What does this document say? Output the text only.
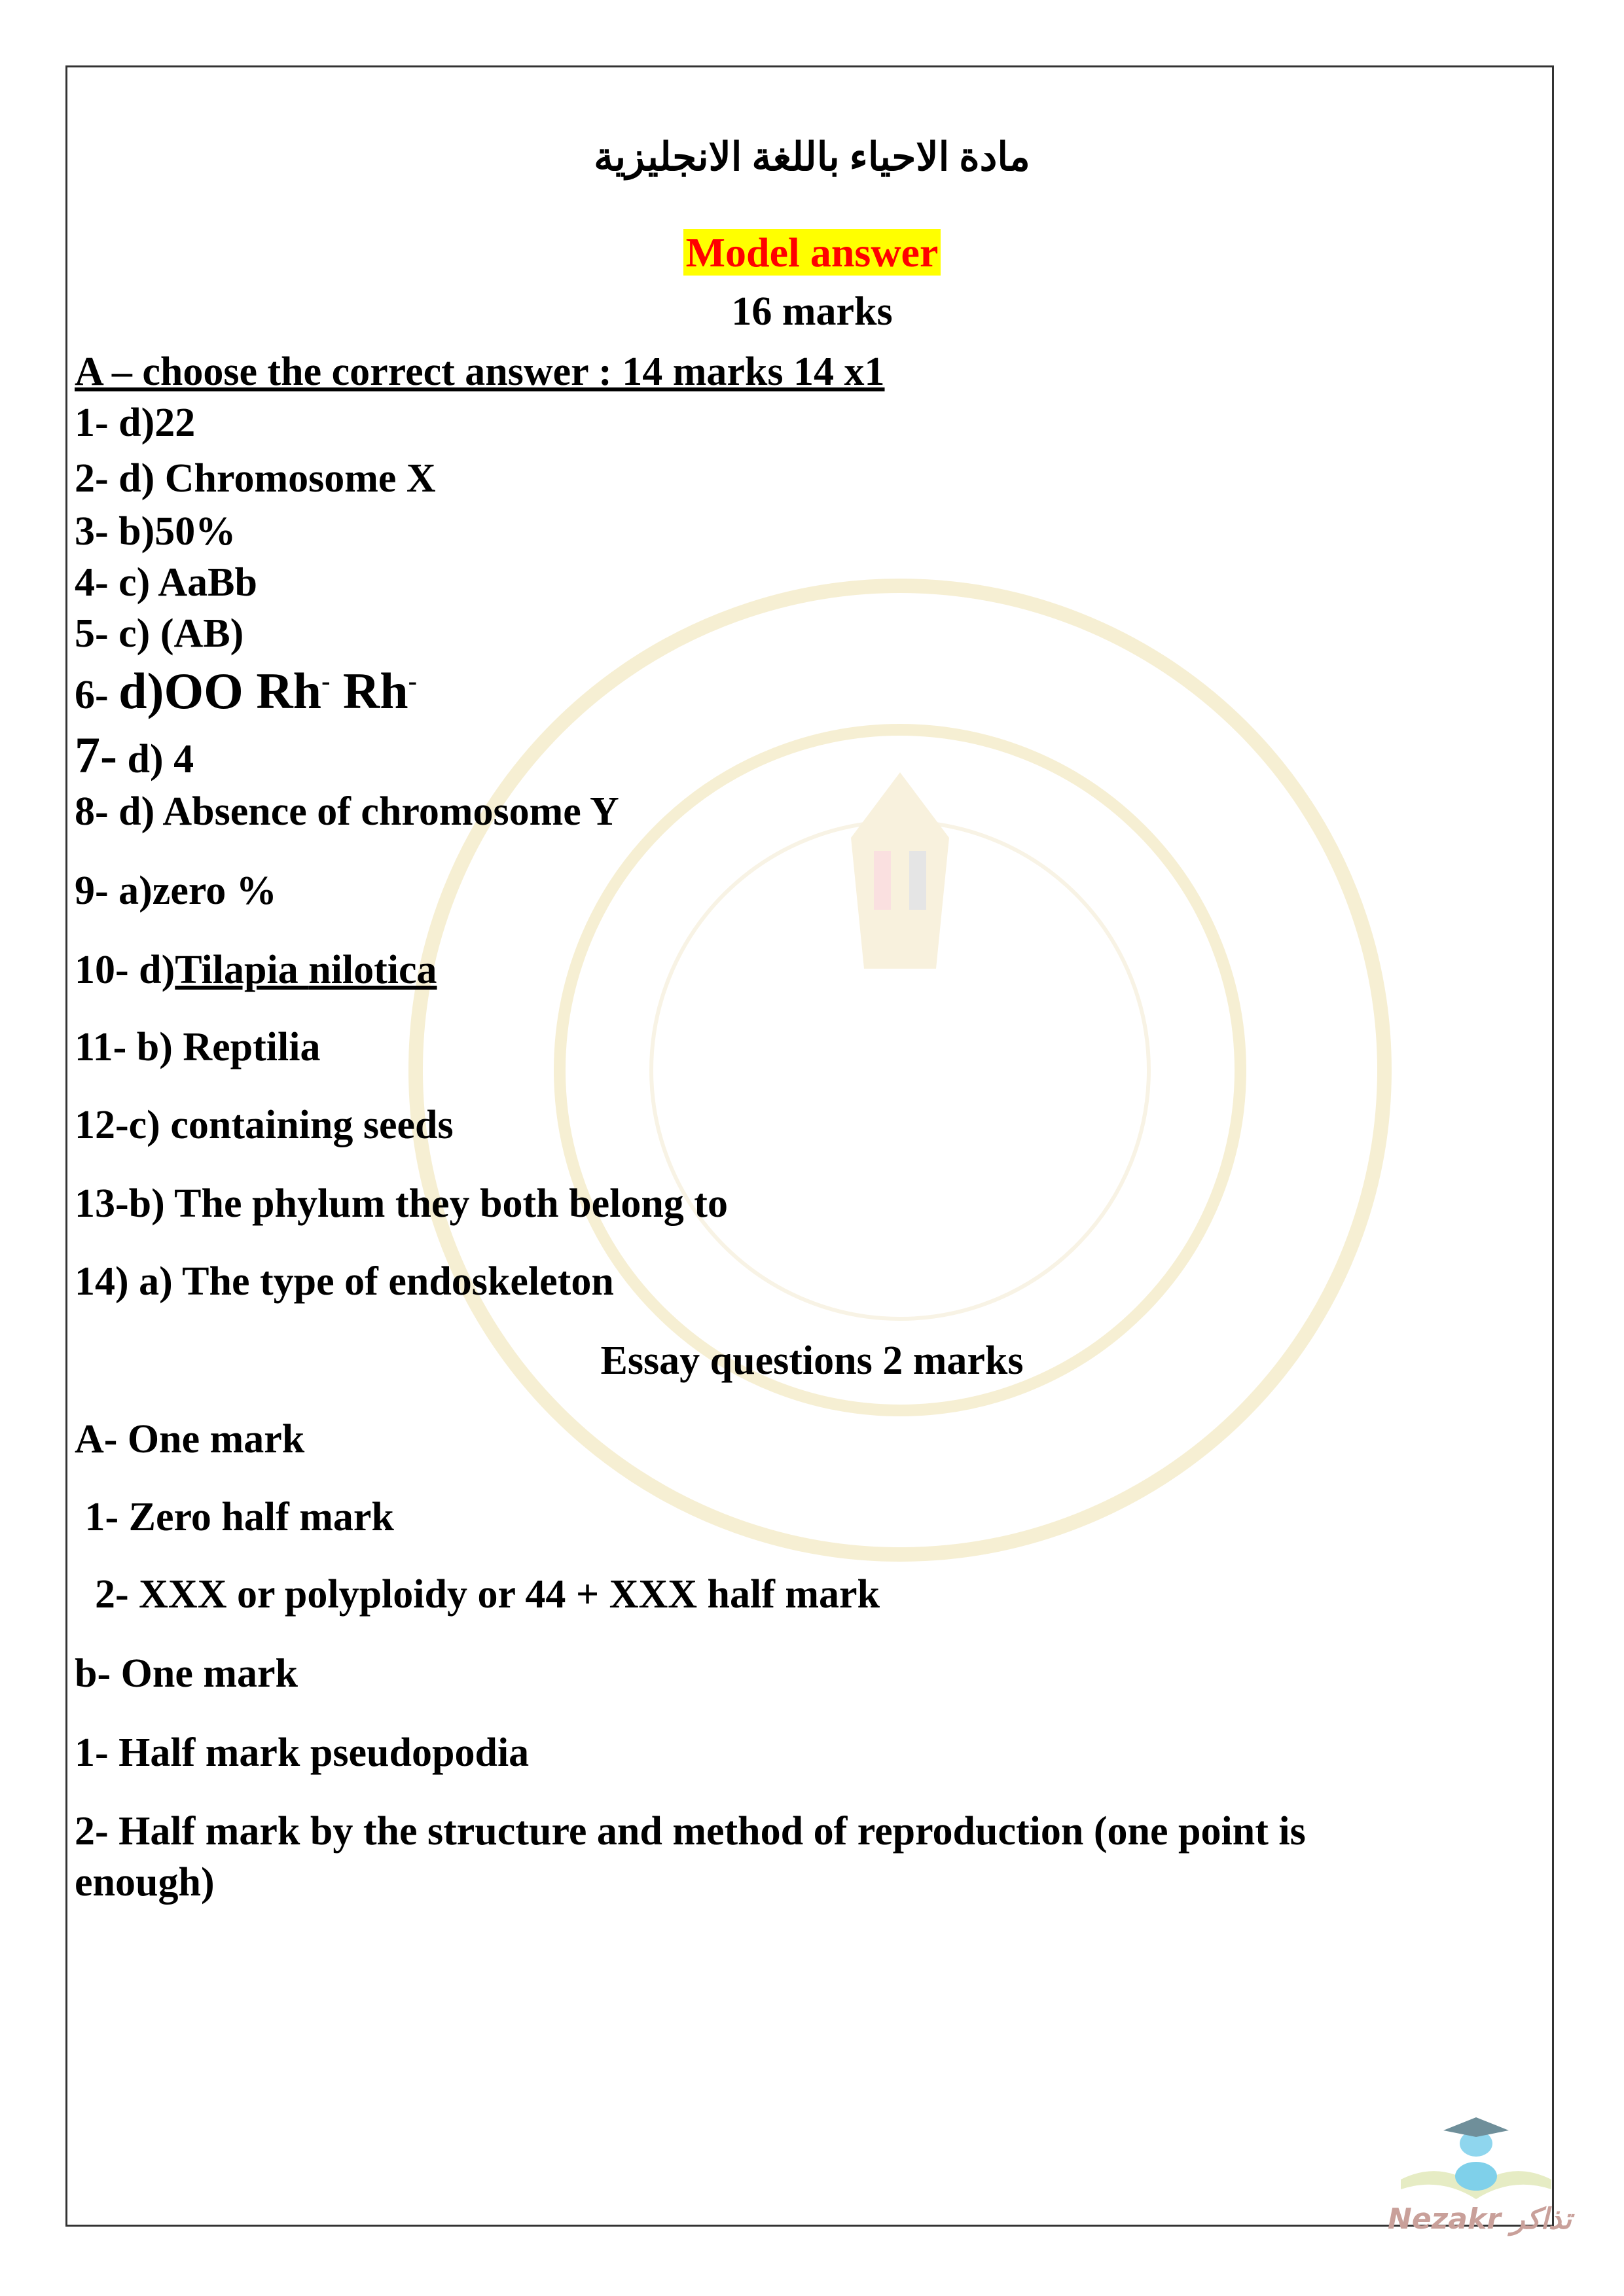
مادة الاحياء باللغة الانجليزية
Model answer
16 marks
A – choose the correct answer : 14 marks 14 x1
1- d)22
2- d) Chromosome X
3- b)50%
4- c) AaBb
5- c) (AB)
6- d)OO Rh- Rh-
7- d) 4
8- d) Absence of chromosome Y
9- a)zero %
10- d)Tilapia nilotica
11- b) Reptilia
12-c) containing seeds
13-b) The phylum they both belong to
14) a) The type of endoskeleton
Essay questions 2 marks
A- One mark
1- Zero half mark
2- XXX or polyploidy or 44 + XXX half mark
b- One mark
1- Half mark pseudopodia
2- Half mark by the structure and method of reproduction (one point is
enough)
Nezakr تذاكر
